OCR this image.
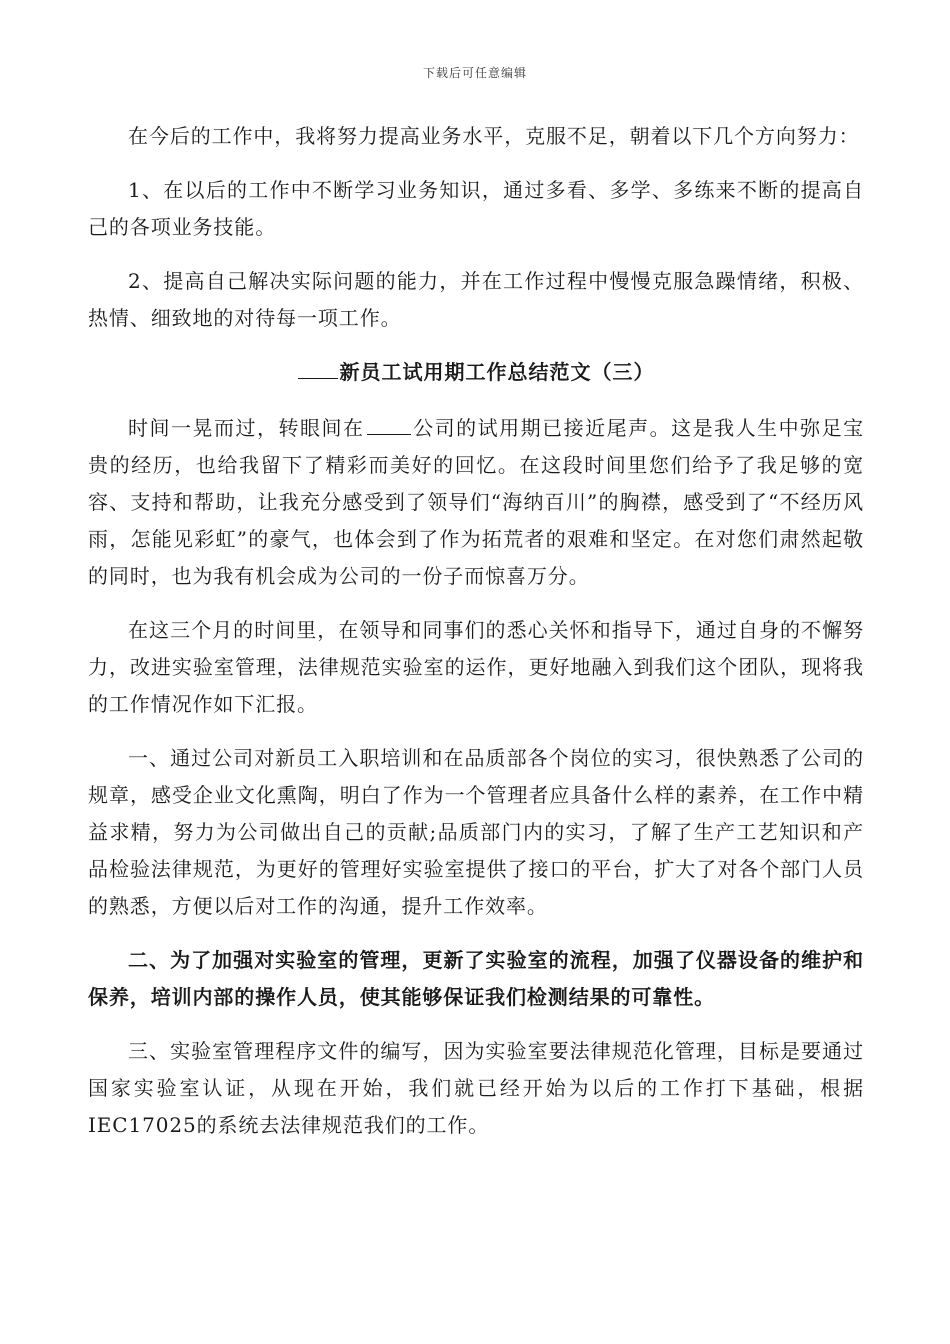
下载后可任意编辑

在今后的工作中，我将努力提高业务水平，克服不足，朝着以下几个方向努力：

1、在以后的工作中不断学习业务知识，通过多看、多学、多练来不断的提高自己的各项业务技能。

2、提高自己解决实际问题的能力，并在工作过程中慢慢克服急躁情绪，积极、热情、细致地的对待每一项工作。

新员工试用期工作总结范文（三）

时间一晃而过，转眼间在 公司的试用期已接近尾声。这是我人生中弥足宝贵的经历，也给我留下了精彩而美好的回忆。在这段时间里您们给予了我足够的宽容、支持和帮助，让我充分感受到了领导们“海纳百川”的胸襟，感受到了“不经历风雨，怎能见彩虹”的豪气，也体会到了作为拓荒者的艰难和坚定。在对您们肃然起敬的同时，也为我有机会成为公司的一份子而惊喜万分。

在这三个月的时间里，在领导和同事们的悉心关怀和指导下，通过自身的不懈努力，改进实验室管理，法律规范实验室的运作，更好地融入到我们这个团队，现将我的工作情况作如下汇报。

一、通过公司对新员工入职培训和在品质部各个岗位的实习，很快熟悉了公司的规章，感受企业文化熏陶，明白了作为一个管理者应具备什么样的素养，在工作中精益求精，努力为公司做出自己的贡献;品质部门内的实习，了解了生产工艺知识和产品检验法律规范，为更好的管理好实验室提供了接口的平台，扩大了对各个部门人员的熟悉，方便以后对工作的沟通，提升工作效率。

二、为了加强对实验室的管理，更新了实验室的流程，加强了仪器设备的维护和保养，培训内部的操作人员，使其能够保证我们检测结果的可靠性。

三、实验室管理程序文件的编写，因为实验室要法律规范化管理，目标是要通过国家实验室认证，从现在开始，我们就已经开始为以后的工作打下基础，根据IEC17025的系统去法律规范我们的工作。
